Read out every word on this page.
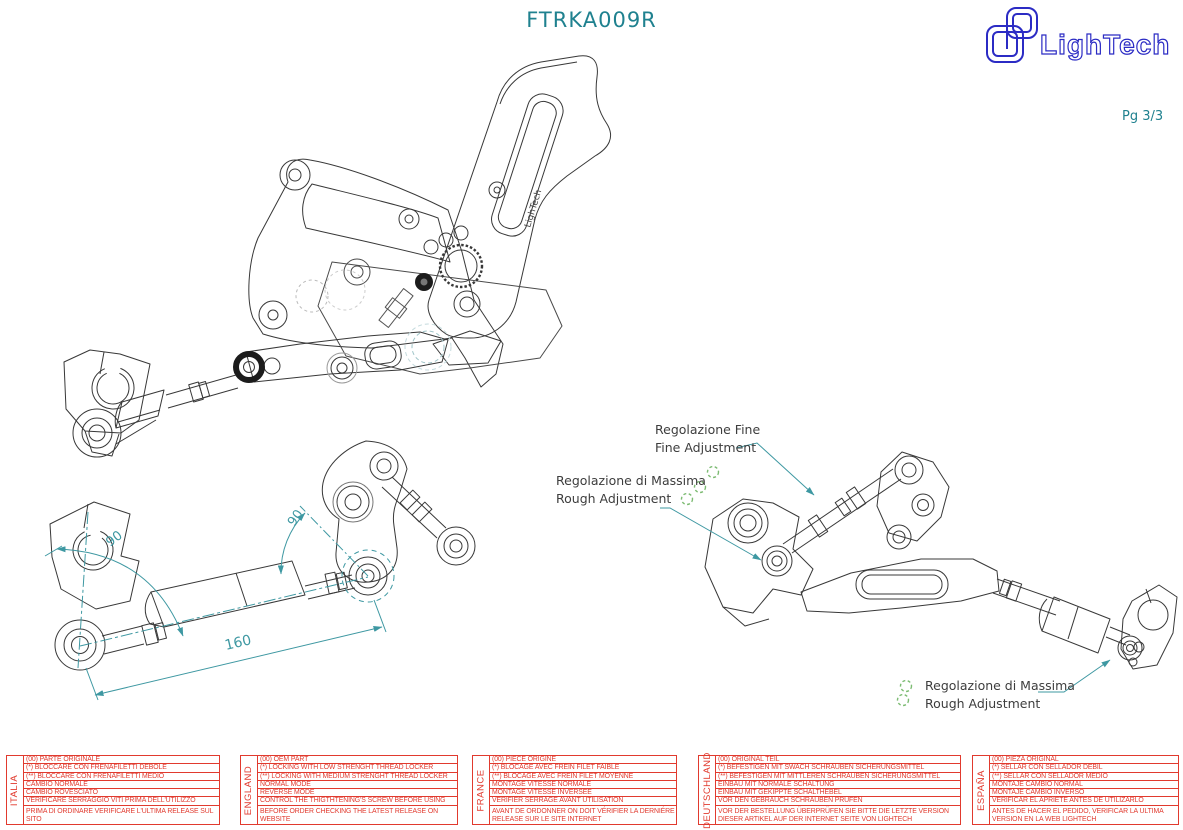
FTRKA009R
Pg 3/3
LighTech
LighTech
90
90
160
Regolazione Fine
Fine Adjustment
Regolazione di Massima
Rough Adjustment
Regolazione di Massima
Rough Adjustment
ITALIA
(00) PARTE ORIGINALE
(*) BLOCCARE CON FRENAFILETTI DEBOLE
(**) BLOCCARE CON FRENAFILETTI MEDIO
CAMBIO NORMALE
CAMBIO ROVESCIATO
VERIFICARE SERRAGGIO VITI PRIMA DELL'UTILIZZO
PRIMA DI ORDINARE VERIFICARE L'ULTIMA RELEASE SUL SITO
ENGLAND
(00) OEM PART
(*) LOCKING WITH LOW STRENGHT THREAD LOCKER
(**) LOCKING WITH MEDIUM STRENGHT THREAD LOCKER
NORMAL MODE
REVERSE MODE
CONTROL THE THIGTHTENING'S SCREW BEFORE USING
BEFORE ORDER CHECKING THE LATEST RELEASE ON WEBSITE
FRANCE
(00) PIECE ORIGINE
(*) BLOCAGE AVEC FREIN FILET FAIBLE
(**) BLOCAGE AVEC FREIN FILET MOYENNE
MONTAGE VITESSE NORMALE
MONTAGE VITESSE INVERSEE
VERIFIER SERRAGE AVANT UTILISATION
AVANT DE ORDONNER ON DOIT VÉRIFIER LA DERNIÉRE RELEASE SUR LE SITE INTERNET	DEUTSCHLAND (00) ORIGINAL TEIL
(*) BEFESTIGEN MIT SWACH SCHRAUBEN SICHERUNGSMITTEL
(**) BEFESTIGEN MIT MITTLEREN SCHRAUBEN SICHERUNGSMITTEL
EINBAU MIT NORMALE SCHALTUNG
EINBAU MIT GEKIPPTE SCHALTHEBEL
VOR DEN GEBRAUCH SCHRAUBEN PRÜFEN
VOR DER BESTELLUNG ÜBERPRÜFEN SIE BITTE DIE LETZTE VERSION DIESER ARTIKEL AUF DER INTERNET SEITE VON LIGHTECH
ESPAÑA
(00) PIEZA ORIGINAL
(*) SELLAR CON SELLADOR DEBIL
(**) SELLAR CON SELLADOR MEDIO
MONTAJE CAMBIO NORMAL
MONTAJE CAMBIO INVERSO
VERIFICAR EL APRIETE ANTES DE UTILIZARLO
ANTES DE HACER EL PEDIDO, VERIFICAR LA ULTIMA VERSION EN LA WEB LIGHTECH
